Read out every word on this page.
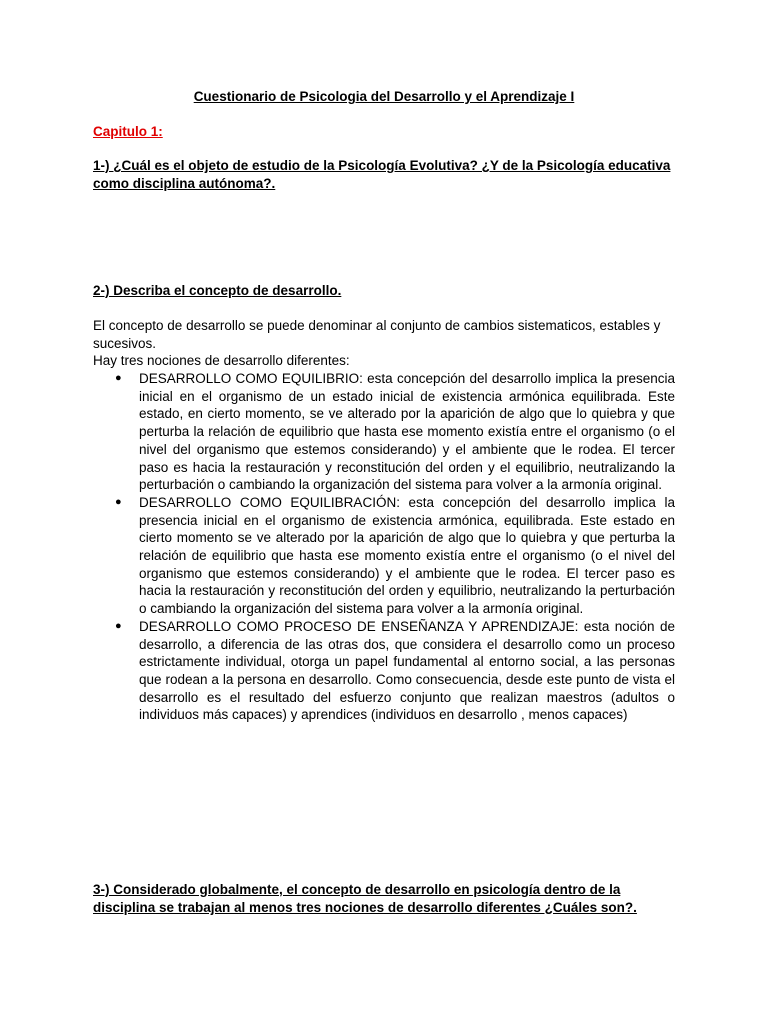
Cuestionario de Psicologia del Desarrollo y el Aprendizaje I
Capitulo 1:
1-) ¿Cuál es el objeto de estudio de la Psicología Evolutiva? ¿Y de la Psicología educativa como disciplina autónoma?.
2-) Describa el concepto de desarrollo.

El concepto de desarrollo se puede denominar al conjunto de cambios sistematicos, estables y sucesivos.

Hay tres nociones de desarrollo diferentes:

● DESARROLLO COMO EQUILIBRIO: esta concepción del desarrollo implica la presencia inicial en el organismo de un estado inicial de existencia armónica equilibrada. Este estado, en cierto momento, se ve alterado por la aparición de algo que lo quiebra y que perturba la relación de equilibrio que hasta ese momento existía entre el organismo (o el nivel del organismo que estemos considerando) y el ambiente que le rodea. El tercer paso es hacia la restauración y reconstitución del orden y el equilibrio, neutralizando la perturbación o cambiando la organización del sistema para volver a la armonía original.
● DESARROLLO COMO EQUILIBRACIÓN: esta concepción del desarrollo implica la presencia inicial en el organismo de existencia armónica, equilibrada. Este estado en cierto momento se ve alterado por la aparición de algo que lo quiebra y que perturba la relación de equilibrio que hasta ese momento existía entre el organismo (o el nivel del organismo que estemos considerando) y el ambiente que le rodea. El tercer paso es hacia la restauración y reconstitución del orden y equilibrio, neutralizando la perturbación o cambiando la organización del sistema para volver a la armonía original.
● DESARROLLO COMO PROCESO DE ENSEÑANZA Y APRENDIZAJE: esta noción de desarrollo, a diferencia de las otras dos, que considera el desarrollo como un proceso estrictamente individual, otorga un papel fundamental al entorno social, a las personas que rodean a la persona en desarrollo. Como consecuencia, desde este punto de vista el desarrollo es el resultado del esfuerzo conjunto que realizan maestros (adultos o individuos más capaces) y aprendices (individuos en desarrollo , menos capaces)
3-) Considerado globalmente, el concepto de desarrollo en psicología dentro de la disciplina se trabajan al menos tres nociones de desarrollo diferentes ¿Cuáles son?.
